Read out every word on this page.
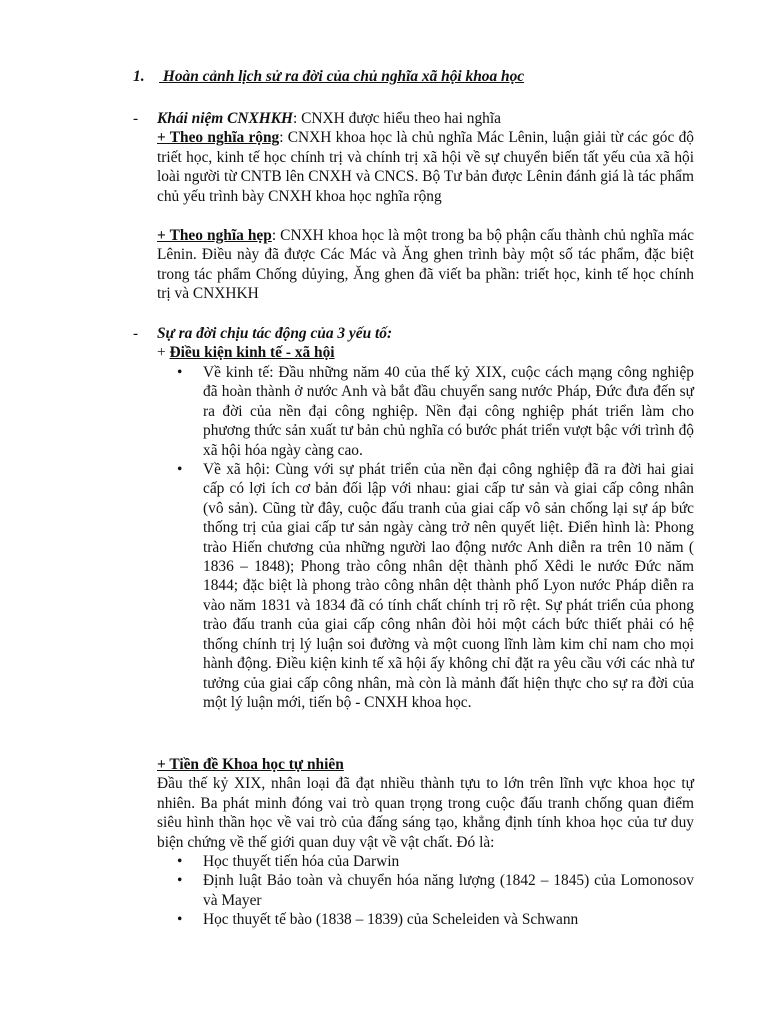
1. Hoàn cảnh lịch sử ra đời của chủ nghĩa xã hội khoa học
- Khái niệm CNXHKH: CNXH được hiểu theo hai nghĩa
+ Theo nghĩa rộng: CNXH khoa học là chủ nghĩa Mác Lênin, luận giải từ các góc độ triết học, kinh tế học chính trị và chính trị xã hội về sự chuyển biến tất yếu của xã hội loài người từ CNTB lên CNXH và CNCS. Bộ Tư bản được Lênin đánh giá là tác phẩm chủ yếu trình bày CNXH khoa học nghĩa rộng
+ Theo nghĩa hẹp: CNXH khoa học là một trong ba bộ phận cấu thành chủ nghĩa mác Lênin. Điều này đã được Các Mác và Ăng ghen trình bày một số tác phẩm, đặc biệt trong tác phẩm Chống dủying, Ăng ghen đã viết ba phần: triết học, kinh tế học chính trị và CNXHKH
- Sự ra đời chịu tác động của 3 yếu tố:
+ Điều kiện kinh tế - xã hội
• Về kinh tế: Đầu những năm 40 của thế kỷ XIX, cuộc cách mạng công nghiệp đã hoàn thành ở nước Anh và bắt đầu chuyển sang nước Pháp, Đức đưa đến sự ra đời của nền đại công nghiệp. Nền đại công nghiệp phát triển làm cho phương thức sản xuất tư bản chủ nghĩa có bước phát triển vượt bậc với trình độ xã hội hóa ngày càng cao.
• Về xã hội: Cùng với sự phát triển của nền đại công nghiệp đã ra đời hai giai cấp có lợi ích cơ bản đối lập với nhau: giai cấp tư sản và giai cấp công nhân (vô sản). Cũng từ đây, cuộc đấu tranh của giai cấp vô sản chống lại sự áp bức thống trị của giai cấp tư sản ngày càng trở nên quyết liệt. Điển hình là: Phong trào Hiến chương của những người lao động nước Anh diễn ra trên 10 năm ( 1836 – 1848); Phong trào công nhân dệt thành phố Xêdi le nước Đức năm 1844; đặc biệt là phong trào công nhân dệt thành phố Lyon nước Pháp diễn ra vào năm 1831 và 1834 đã có tính chất chính trị rõ rệt. Sự phát triển của phong trào đấu tranh của giai cấp công nhân đòi hỏi một cách bức thiết phải có hệ thống chính trị lý luận soi đường và một cuong lĩnh làm kim chỉ nam cho mọi hành động. Điều kiện kinh tế xã hội ấy không chỉ đặt ra yêu cầu với các nhà tư tưởng của giai cấp công nhân, mà còn là mảnh đất hiện thực cho sự ra đời của một lý luận mới, tiến bộ - CNXH khoa học.
+ Tiền đề Khoa học tự nhiên
Đầu thế kỷ XIX, nhân loại đã đạt nhiều thành tựu to lớn trên lĩnh vực khoa học tự nhiên. Ba phát minh đóng vai trò quan trọng trong cuộc đấu tranh chống quan điểm siêu hình thần học về vai trò của đấng sáng tạo, khẳng định tính khoa học của tư duy biện chứng về thế giới quan duy vật về vật chất. Đó là:
• Học thuyết tiến hóa của Darwin
• Định luật Bảo toàn và chuyển hóa năng lượng (1842 – 1845) của Lomonosov và Mayer
• Học thuyết tế bào (1838 – 1839) của Scheleiden và Schwann
